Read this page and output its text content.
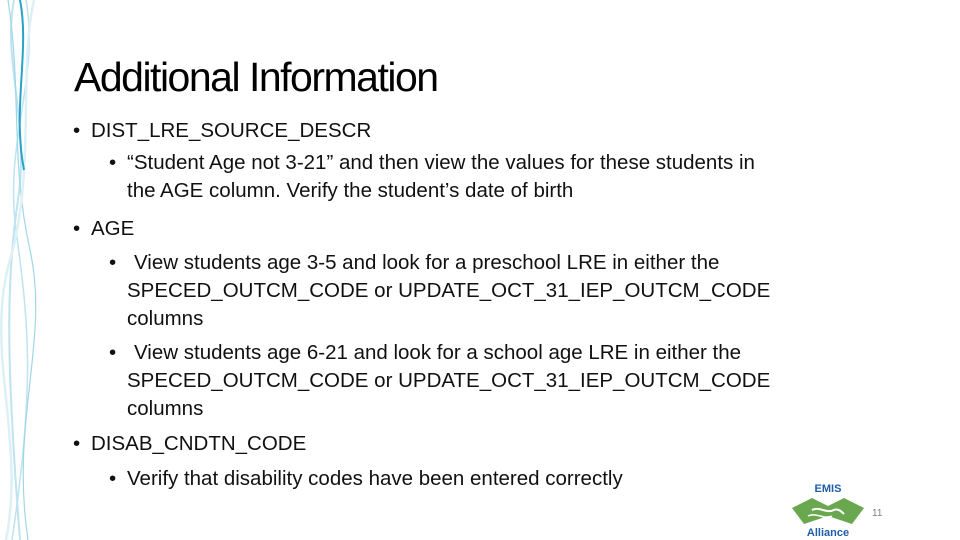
Additional Information
• DIST_LRE_SOURCE_DESCR
• “Student Age not 3-21” and then view the values for these students in
the AGE column. Verify the student’s date of birth
• AGE
• View students age 3-5 and look for a preschool LRE in either the
SPECED_OUTCM_CODE or UPDATE_OCT_31_IEP_OUTCM_CODE
columns
• View students age 6-21 and look for a school age LRE in either the
SPECED_OUTCM_CODE or UPDATE_OCT_31_IEP_OUTCM_CODE
columns
• DISAB_CNDTN_CODE
• Verify that disability codes have been entered correctly	EMIS
Alliance
11
